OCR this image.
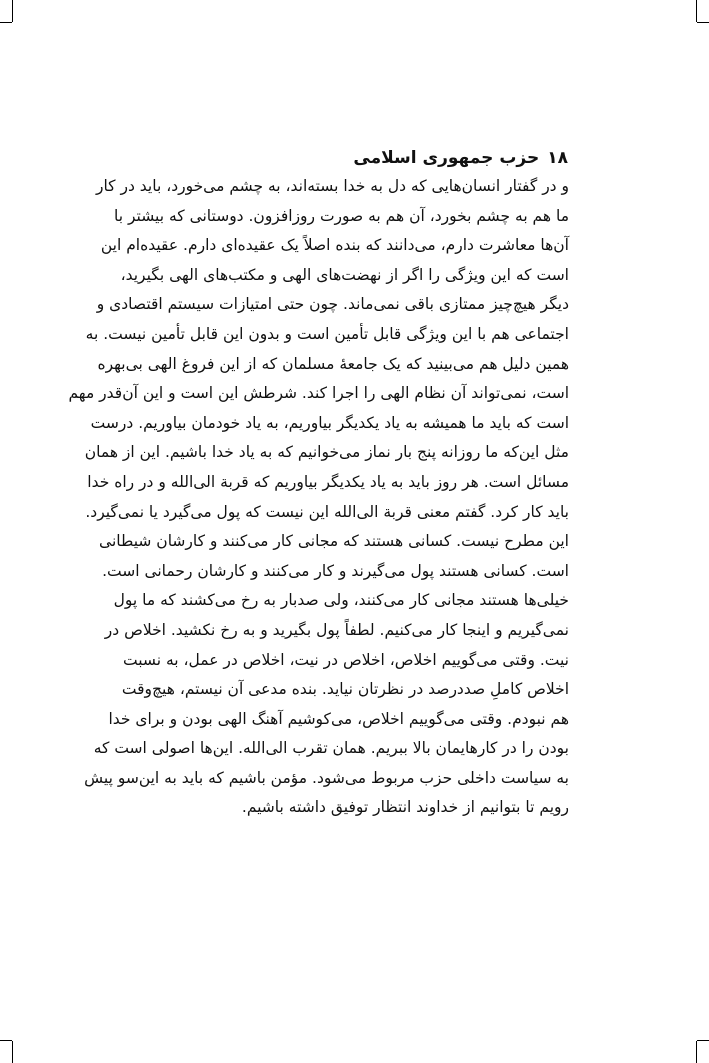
۱۸حزب جمهوری اسلامی
و در گفتار انسان‌هایی که دل به خدا بسته‌اند، به چشم می‌خورد، باید در کار
ما هم به چشم بخورد، آن هم به صورت روزافزون. دوستانی که بیشتر با
آن‌ها معاشرت دارم، می‌دانند که بنده اصلاً یک عقیده‌ای دارم. عقیده‌ام این
است که این ویژگی را اگر از نهضت‌های الهی و مکتب‌های الهی بگیرید،
دیگر هیچ‌چیز ممتازی باقی نمی‌ماند. چون حتی امتیازات سیستم اقتصادی و
اجتماعی هم با این ویژگی قابل تأمین است و بدون این قابل تأمین نیست. به
همین دلیل هم می‌بینید که یک جامعهٔ مسلمان که از این فروغ الهی بی‌بهره
است، نمی‌تواند آن نظام الهی را اجرا کند. شرطش این است و این آن‌قدر مهم
است که باید ما همیشه به یاد یکدیگر بیاوریم، به یاد خودمان بیاوریم. درست
مثل این‌که ما روزانه پنج بار نماز می‌خوانیم که به یاد خدا باشیم. این از همان
مسائل است. هر روز باید به یاد یکدیگر بیاوریم که قربة الی‌الله و در راه خدا
باید کار کرد. گفتم معنی قربة الی‌الله این نیست که پول می‌گیرد یا نمی‌گیرد.
این مطرح نیست. کسانی هستند که مجانی کار می‌کنند و کارشان شیطانی
است. کسانی هستند پول می‌گیرند و کار می‌کنند و کارشان رحمانی است.
خیلی‌ها هستند مجانی کار می‌کنند، ولی صدبار به رخ می‌کشند که ما پول
نمی‌گیریم و اینجا کار می‌کنیم. لطفاً پول بگیرید و به رخ نکشید. اخلاص در
نیت. وقتی می‌گوییم اخلاص، اخلاص در نیت، اخلاص در عمل، به نسبت
اخلاص کاملِ صددرصد در نظرتان نیاید. بنده مدعی آن نیستم، هیچ‌وقت
هم نبودم. وقتی می‌گوییم اخلاص، می‌کوشیم آهنگ الهی بودن و برای خدا
بودن را در کارهایمان بالا ببریم. همان تقرب الی‌الله. این‌ها اصولی است که
به سیاست داخلی حزب مربوط می‌شود. مؤمن باشیم که باید به این‌سو پیش
رویم تا بتوانیم از خداوند انتظار توفیق داشته باشیم.
